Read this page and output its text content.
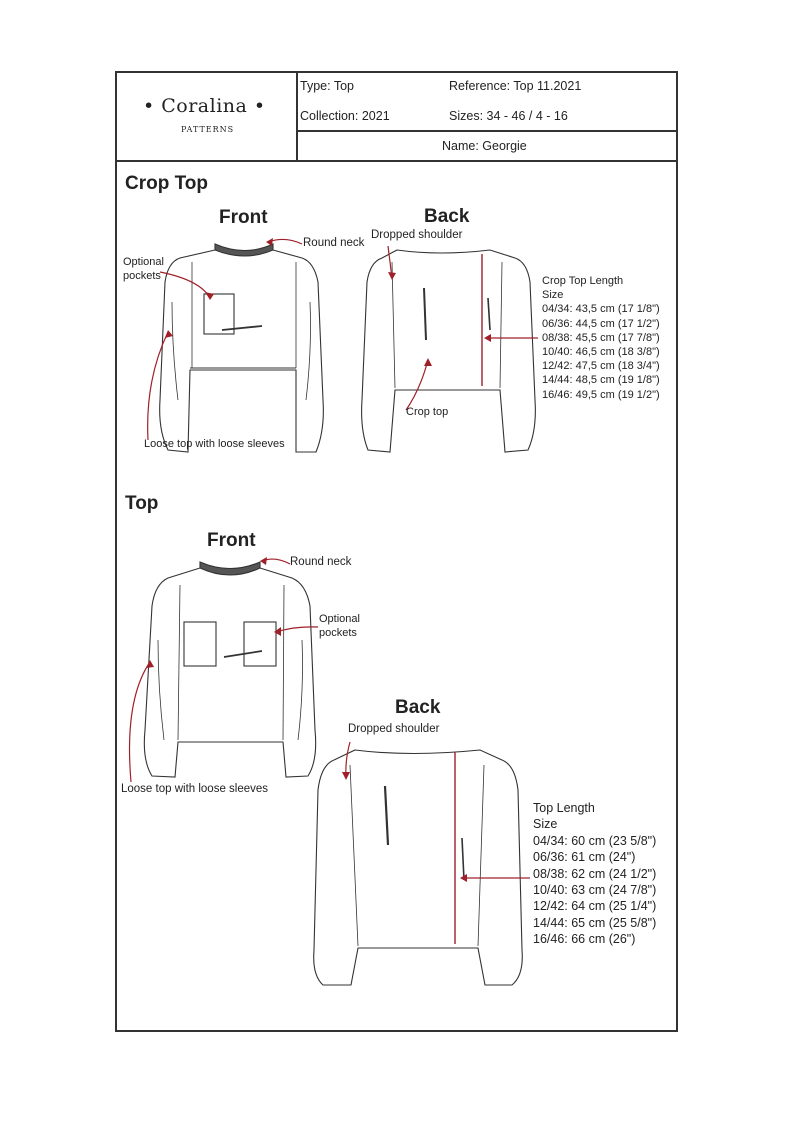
• Coralina •
PATTERNS
Type: Top	Reference: Top 11.2021
Collection: 2021	Sizes: 34 - 46 / 4 - 16
Name: Georgie
Crop Top
Front	Back
Round neck
Dropped shoulder
Optional
pockets
Loose top with loose sleeves
Crop top
Crop Top Length
Size
04/34: 43,5 cm (17 1/8")
06/36: 44,5 cm (17 1/2")
08/38: 45,5 cm (17 7/8")
10/40: 46,5 cm (18 3/8")
12/42: 47,5 cm (18 3/4")
14/44: 48,5 cm (19 1/8")
16/46: 49,5 cm (19 1/2")
Top
Front
Back
Round neck
Optional
pockets
Loose top with loose sleeves
Dropped shoulder
Top Length
Size
04/34: 60 cm (23 5/8")
06/36: 61 cm (24")
08/38: 62 cm (24 1/2")
10/40: 63 cm (24 7/8")
12/42: 64 cm (25 1/4")
14/44: 65 cm (25 5/8")
16/46: 66 cm (26")
